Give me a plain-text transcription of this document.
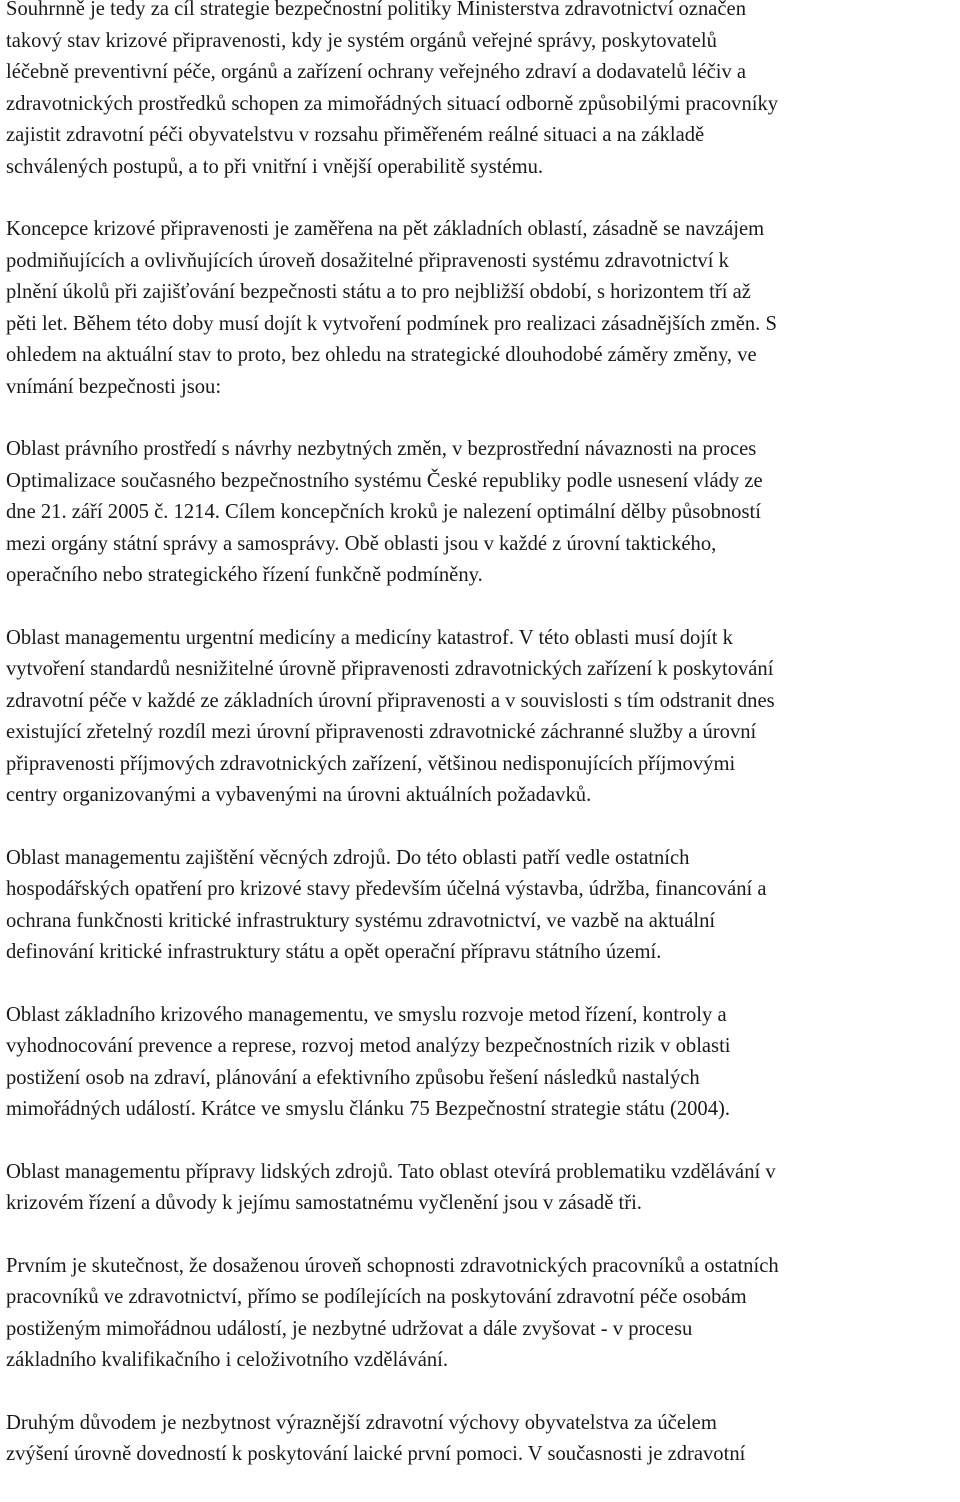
Souhrnně je tedy za cíl strategie bezpečnostní politiky Ministerstva zdravotnictví označen
takový stav krizové připravenosti, kdy je systém orgánů veřejné správy, poskytovatelů
léčebně preventivní péče, orgánů a zařízení ochrany veřejného zdraví a dodavatelů léčiv a
zdravotnických prostředků schopen za mimořádných situací odborně způsobilými pracovníky
zajistit zdravotní péči obyvatelstvu v rozsahu přiměřeném reálné situaci a na základě
schválených postupů, a to při vnitřní i vnější operabilitě systému.
Koncepce krizové připravenosti je zaměřena na pět základních oblastí, zásadně se navzájem
podmiňujících a ovlivňujících úroveň dosažitelné připravenosti systému zdravotnictví k
plnění úkolů při zajišťování bezpečnosti státu a to pro nejbližší období, s horizontem tří až
pěti let. Během této doby musí dojít k vytvoření podmínek pro realizaci zásadnějších změn. S
ohledem na aktuální stav to proto, bez ohledu na strategické dlouhodobé záměry změny, ve
vnímání bezpečnosti jsou:
Oblast právního prostředí s návrhy nezbytných změn, v bezprostřední návaznosti na proces
Optimalizace současného bezpečnostního systému České republiky podle usnesení vlády ze
dne 21. září 2005 č. 1214. Cílem koncepčních kroků je nalezení optimální dělby působností
mezi orgány státní správy a samosprávy. Obě oblasti jsou v každé z úrovní taktického,
operačního nebo strategického řízení funkčně podmíněny.
Oblast managementu urgentní medicíny a medicíny katastrof. V této oblasti musí dojít k
vytvoření standardů nesnižitelné úrovně připravenosti zdravotnických zařízení k poskytování
zdravotní péče v každé ze základních úrovní připravenosti a v souvislosti s tím odstranit dnes
existující zřetelný rozdíl mezi úrovní připravenosti zdravotnické záchranné služby a úrovní
připravenosti příjmových zdravotnických zařízení, většinou nedisponujících příjmovými
centry organizovanými a vybavenými na úrovni aktuálních požadavků.
Oblast managementu zajištění věcných zdrojů. Do této oblasti patří vedle ostatních
hospodářských opatření pro krizové stavy především účelná výstavba, údržba, financování a
ochrana funkčnosti kritické infrastruktury systému zdravotnictví, ve vazbě na aktuální
definování kritické infrastruktury státu a opět operační přípravu státního území.
Oblast základního krizového managementu, ve smyslu rozvoje metod řízení, kontroly a
vyhodnocování prevence a represe, rozvoj metod analýzy bezpečnostních rizik v oblasti
postižení osob na zdraví, plánování a efektivního způsobu řešení následků nastalých
mimořádných událostí. Krátce ve smyslu článku 75 Bezpečnostní strategie státu (2004).
Oblast managementu přípravy lidských zdrojů. Tato oblast otevírá problematiku vzdělávání v
krizovém řízení a důvody k jejímu samostatnému vyčlenění jsou v zásadě tři.
Prvním je skutečnost, že dosaženou úroveň schopnosti zdravotnických pracovníků a ostatních
pracovníků ve zdravotnictví, přímo se podílejících na poskytování zdravotní péče osobám
postiženým mimořádnou událostí, je nezbytné udržovat a dále zvyšovat - v procesu
základního kvalifikačního i celoživotního vzdělávání.
Druhým důvodem je nezbytnost výraznější zdravotní výchovy obyvatelstva za účelem
zvýšení úrovně dovedností k poskytování laické první pomoci. V současnosti je zdravotní
